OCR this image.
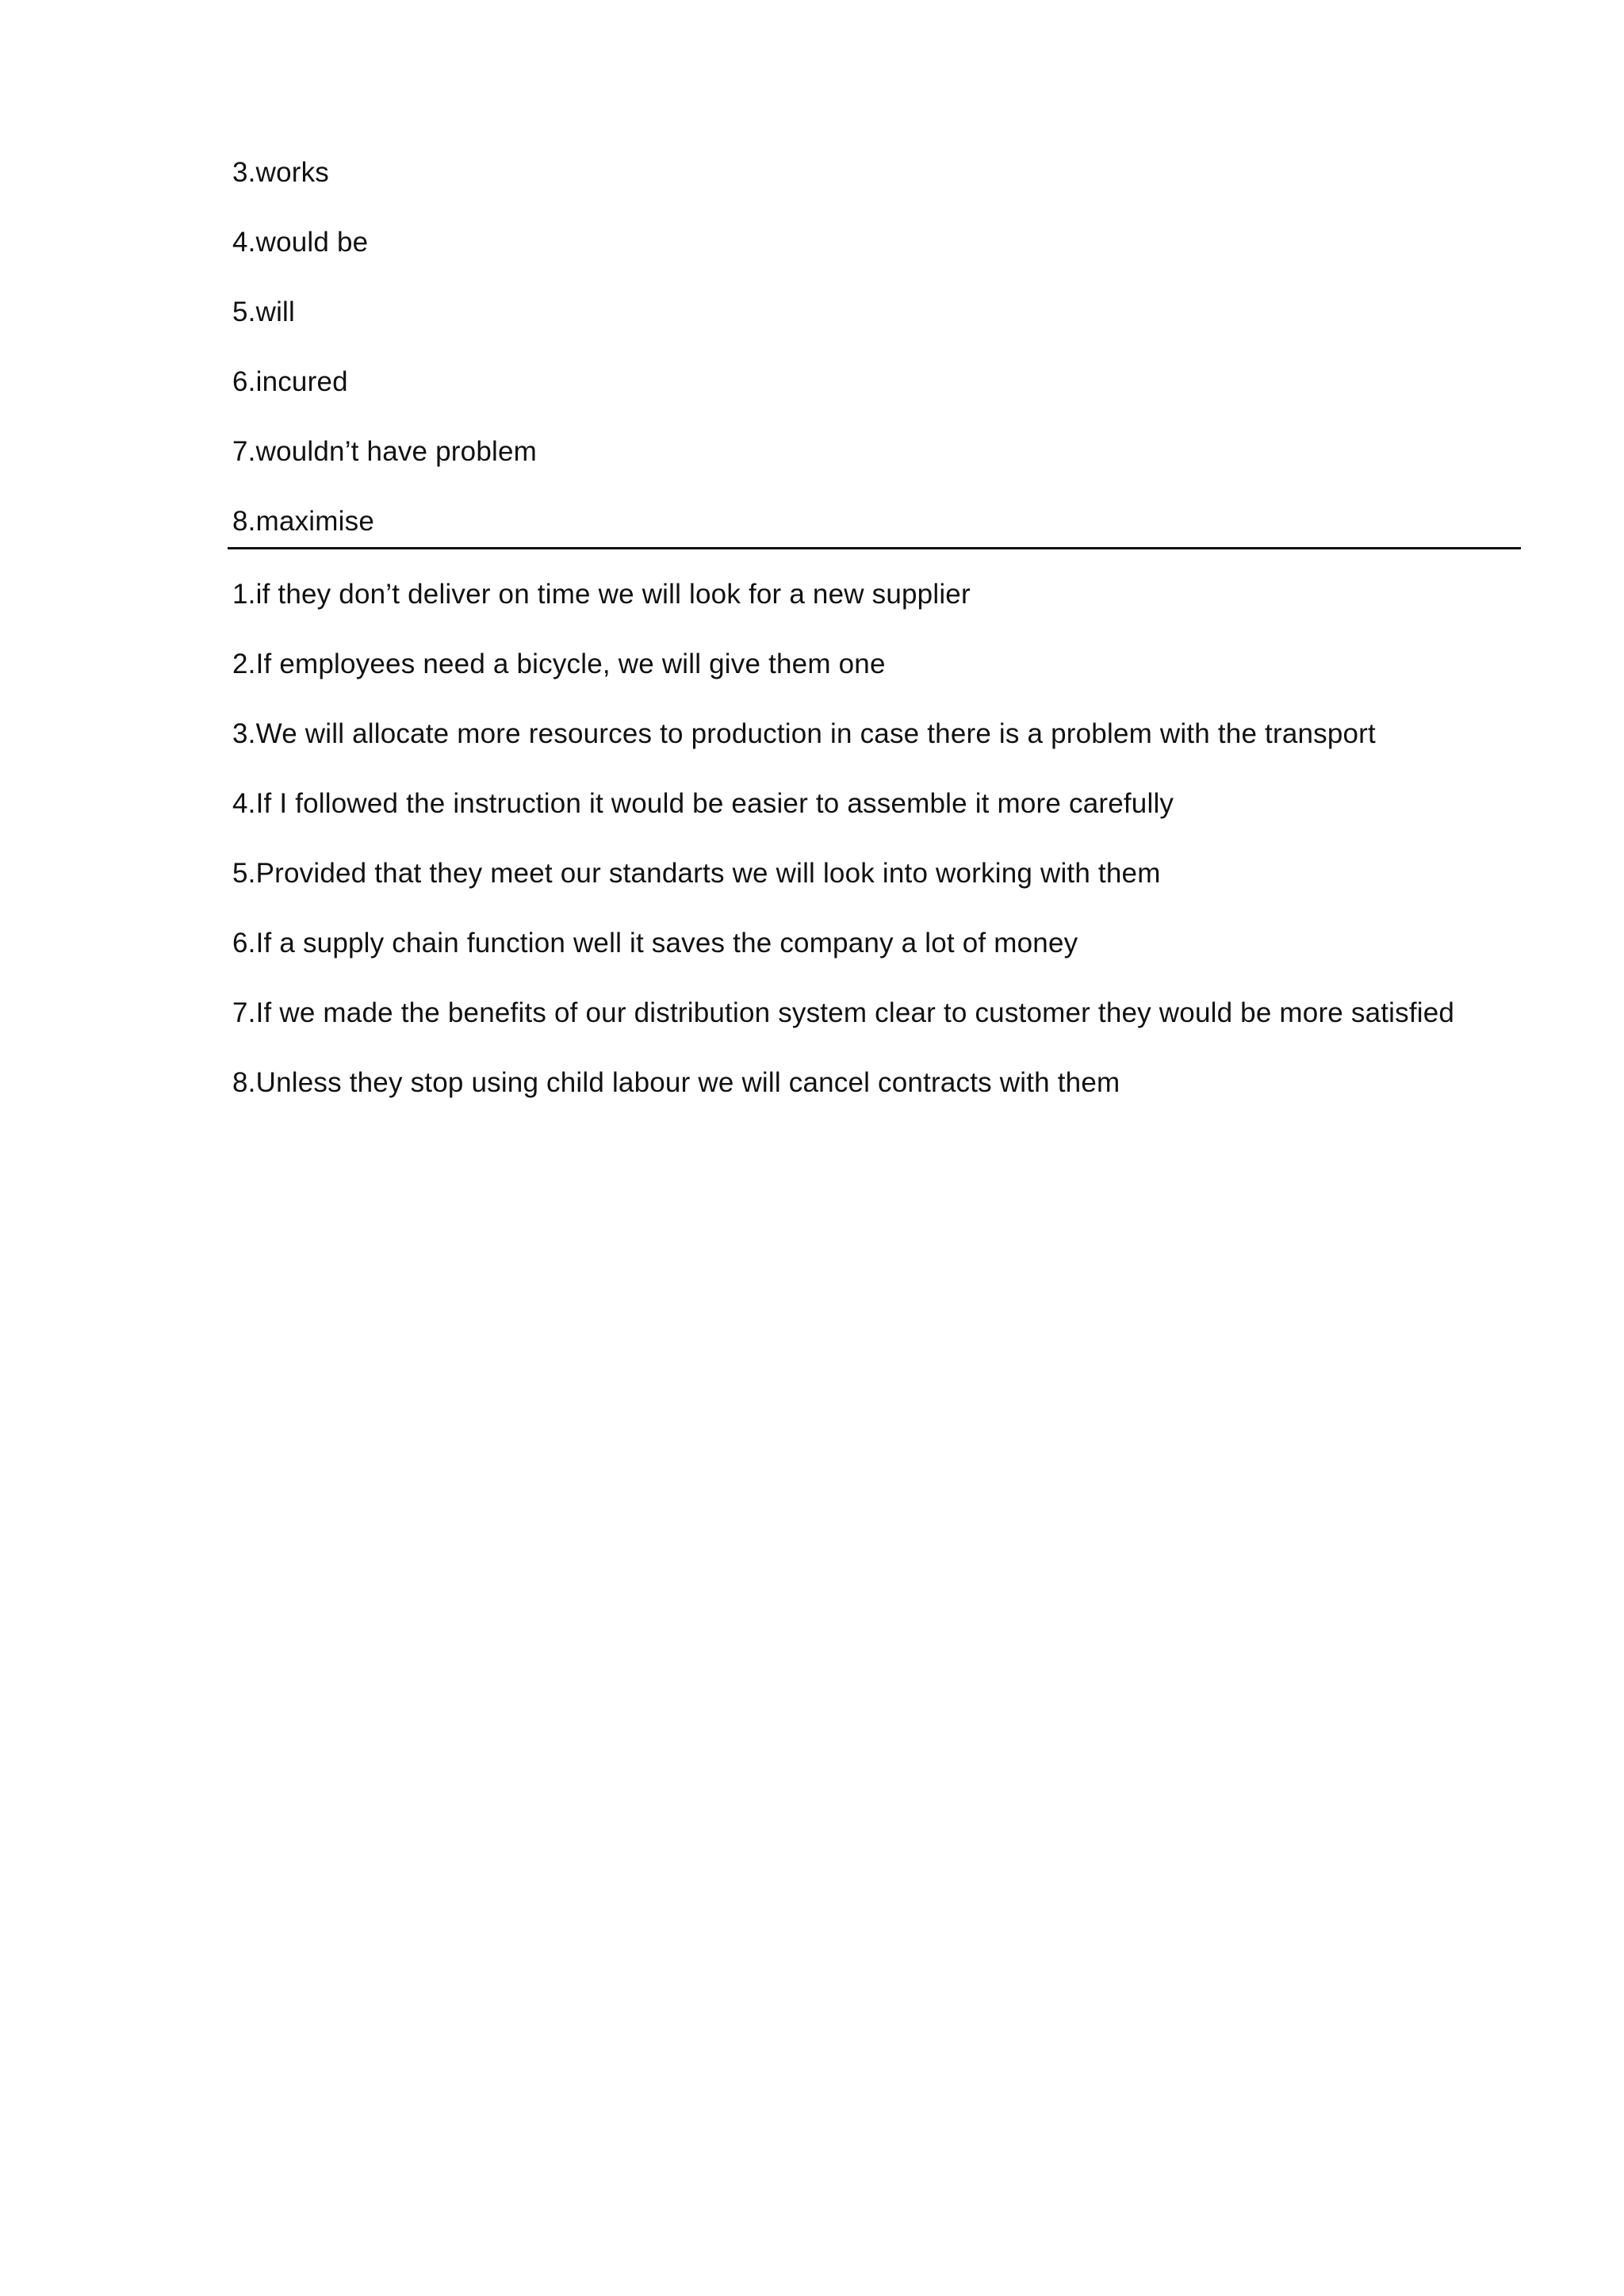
3.works
4.would be
5.will
6.incured
7.wouldn’t have problem
8.maximise
1.if they don’t deliver on time we will look for a new supplier
2.If employees need a bicycle, we will give them one
3.We will allocate more resources to production in case there is a problem with the transport
4.If I followed the instruction it would be easier to assemble it more carefully
5.Provided that they meet our standarts we will look into working with them
6.If a supply chain function well it saves the company a lot of money
7.If we made the benefits of our distribution system clear to customer they would be more satisfied
8.Unless they stop using child labour we will cancel contracts with them
